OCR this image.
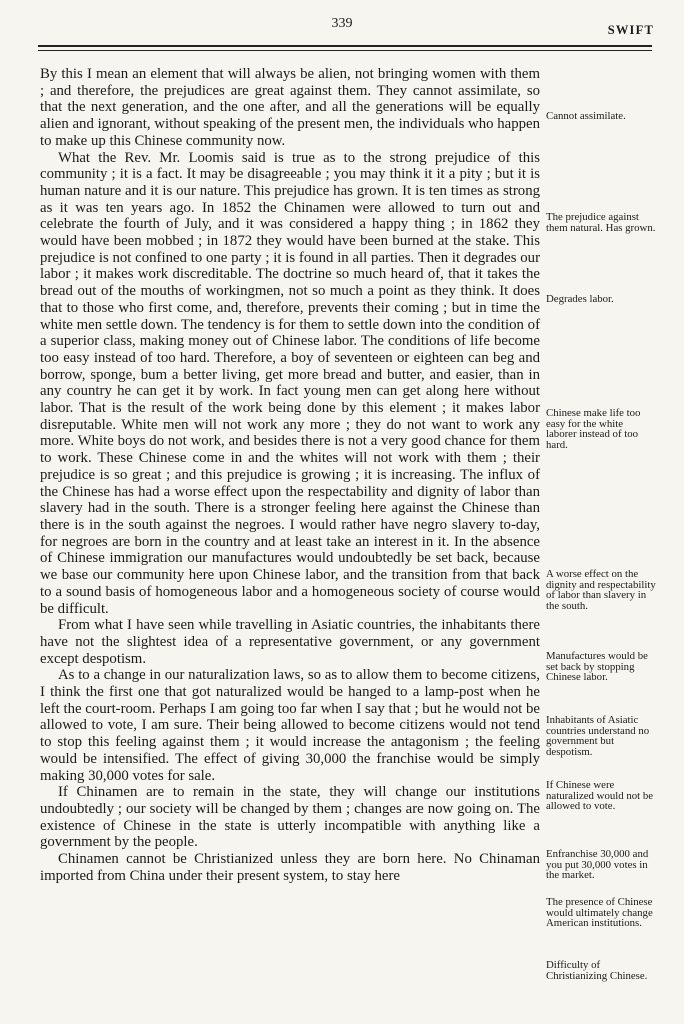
339	SWIFT

By this I mean an element that will always be alien, not bringing women with them ; and therefore, the prejudices are great against them. They cannot assimilate, so that the next generation, and the one after, and all the generations will be equally alien and ignorant, without speaking of the present men, the individuals who happen to make up this Chinese community now.

What the Rev. Mr. Loomis said is true as to the strong prejudice of this community ; it is a fact. It may be disagreeable ; you may think it it a pity ; but it is human nature and it is our nature. This prejudice has grown. It is ten times as strong as it was ten years ago. In 1852 the Chinamen were allowed to turn out and celebrate the fourth of July, and it was considered a happy thing ; in 1862 they would have been mobbed ; in 1872 they would have been burned at the stake. This prejudice is not confined to one party ; it is found in all parties. Then it degrades our labor ; it makes work discreditable. The doctrine so much heard of, that it takes the bread out of the mouths of workingmen, not so much a point as they think. It does that to those who first come, and, therefore, prevents their coming ; but in time the white men settle down. The tendency is for them to settle down into the condition of a superior class, making money out of Chinese labor. The conditions of life become too easy instead of too hard. Therefore, a boy of seventeen or eighteen can beg and borrow, sponge, bum a better living, get more bread and butter, and easier, than in any country he can get it by work. In fact young men can get along here without labor. That is the result of the work being done by this element ; it makes labor disreputable. White men will not work any more ; they do not want to work any more. White boys do not work, and besides there is not a very good chance for them to work. These Chinese come in and the whites will not work with them ; their prejudice is so great ; and this prejudice is growing ; it is increasing. The influx of the Chinese has had a worse effect upon the respectability and dignity of labor than slavery had in the south. There is a stronger feeling here against the Chinese than there is in the south against the negroes. I would rather have negro slavery to-day, for negroes are born in the country and at least take an interest in it. In the absence of Chinese immigration our manufactures would undoubtedly be set back, because we base our community here upon Chinese labor, and the transition from that back to a sound basis of homogeneous labor and a homogeneous society of course would be difficult.

From what I have seen while travelling in Asiatic countries, the inhabitants there have not the slightest idea of a representative government, or any government except despotism.

As to a change in our naturalization laws, so as to allow them to become citizens, I think the first one that got naturalized would be hanged to a lamp-post when he left the court-room. Perhaps I am going too far when I say that ; but he would not be allowed to vote, I am sure. Their being allowed to become citizens would not tend to stop this feeling against them ; it would increase the antagonism ; the feeling would be intensified. The effect of giving 30,000 the franchise would be simply making 30,000 votes for sale.

If Chinamen are to remain in the state, they will change our institutions undoubtedly ; our society will be changed by them ; changes are now going on. The existence of Chinese in the state is utterly incompatible with anything like a government by the people.

Chinamen cannot be Christianized unless they are born here. No Chinaman imported from China under their present system, to stay here

Cannot assimilate.
The prejudice against them natural. Has grown.
Degrades labor.
Chinese make life too easy for the white laborer instead of too hard.
A worse effect on the dignity and respectability of labor than slavery in the south.
Manufactures would be set back by stopping Chinese labor.
Inhabitants of Asiatic countries understand no government but despotism.
If Chinese were naturalized would not be allowed to vote.
Enfranchise 30,000 and you put 30,000 votes in the market.
The presence of Chinese would ultimately change American institutions.
Difficulty of Christianizing Chinese.
